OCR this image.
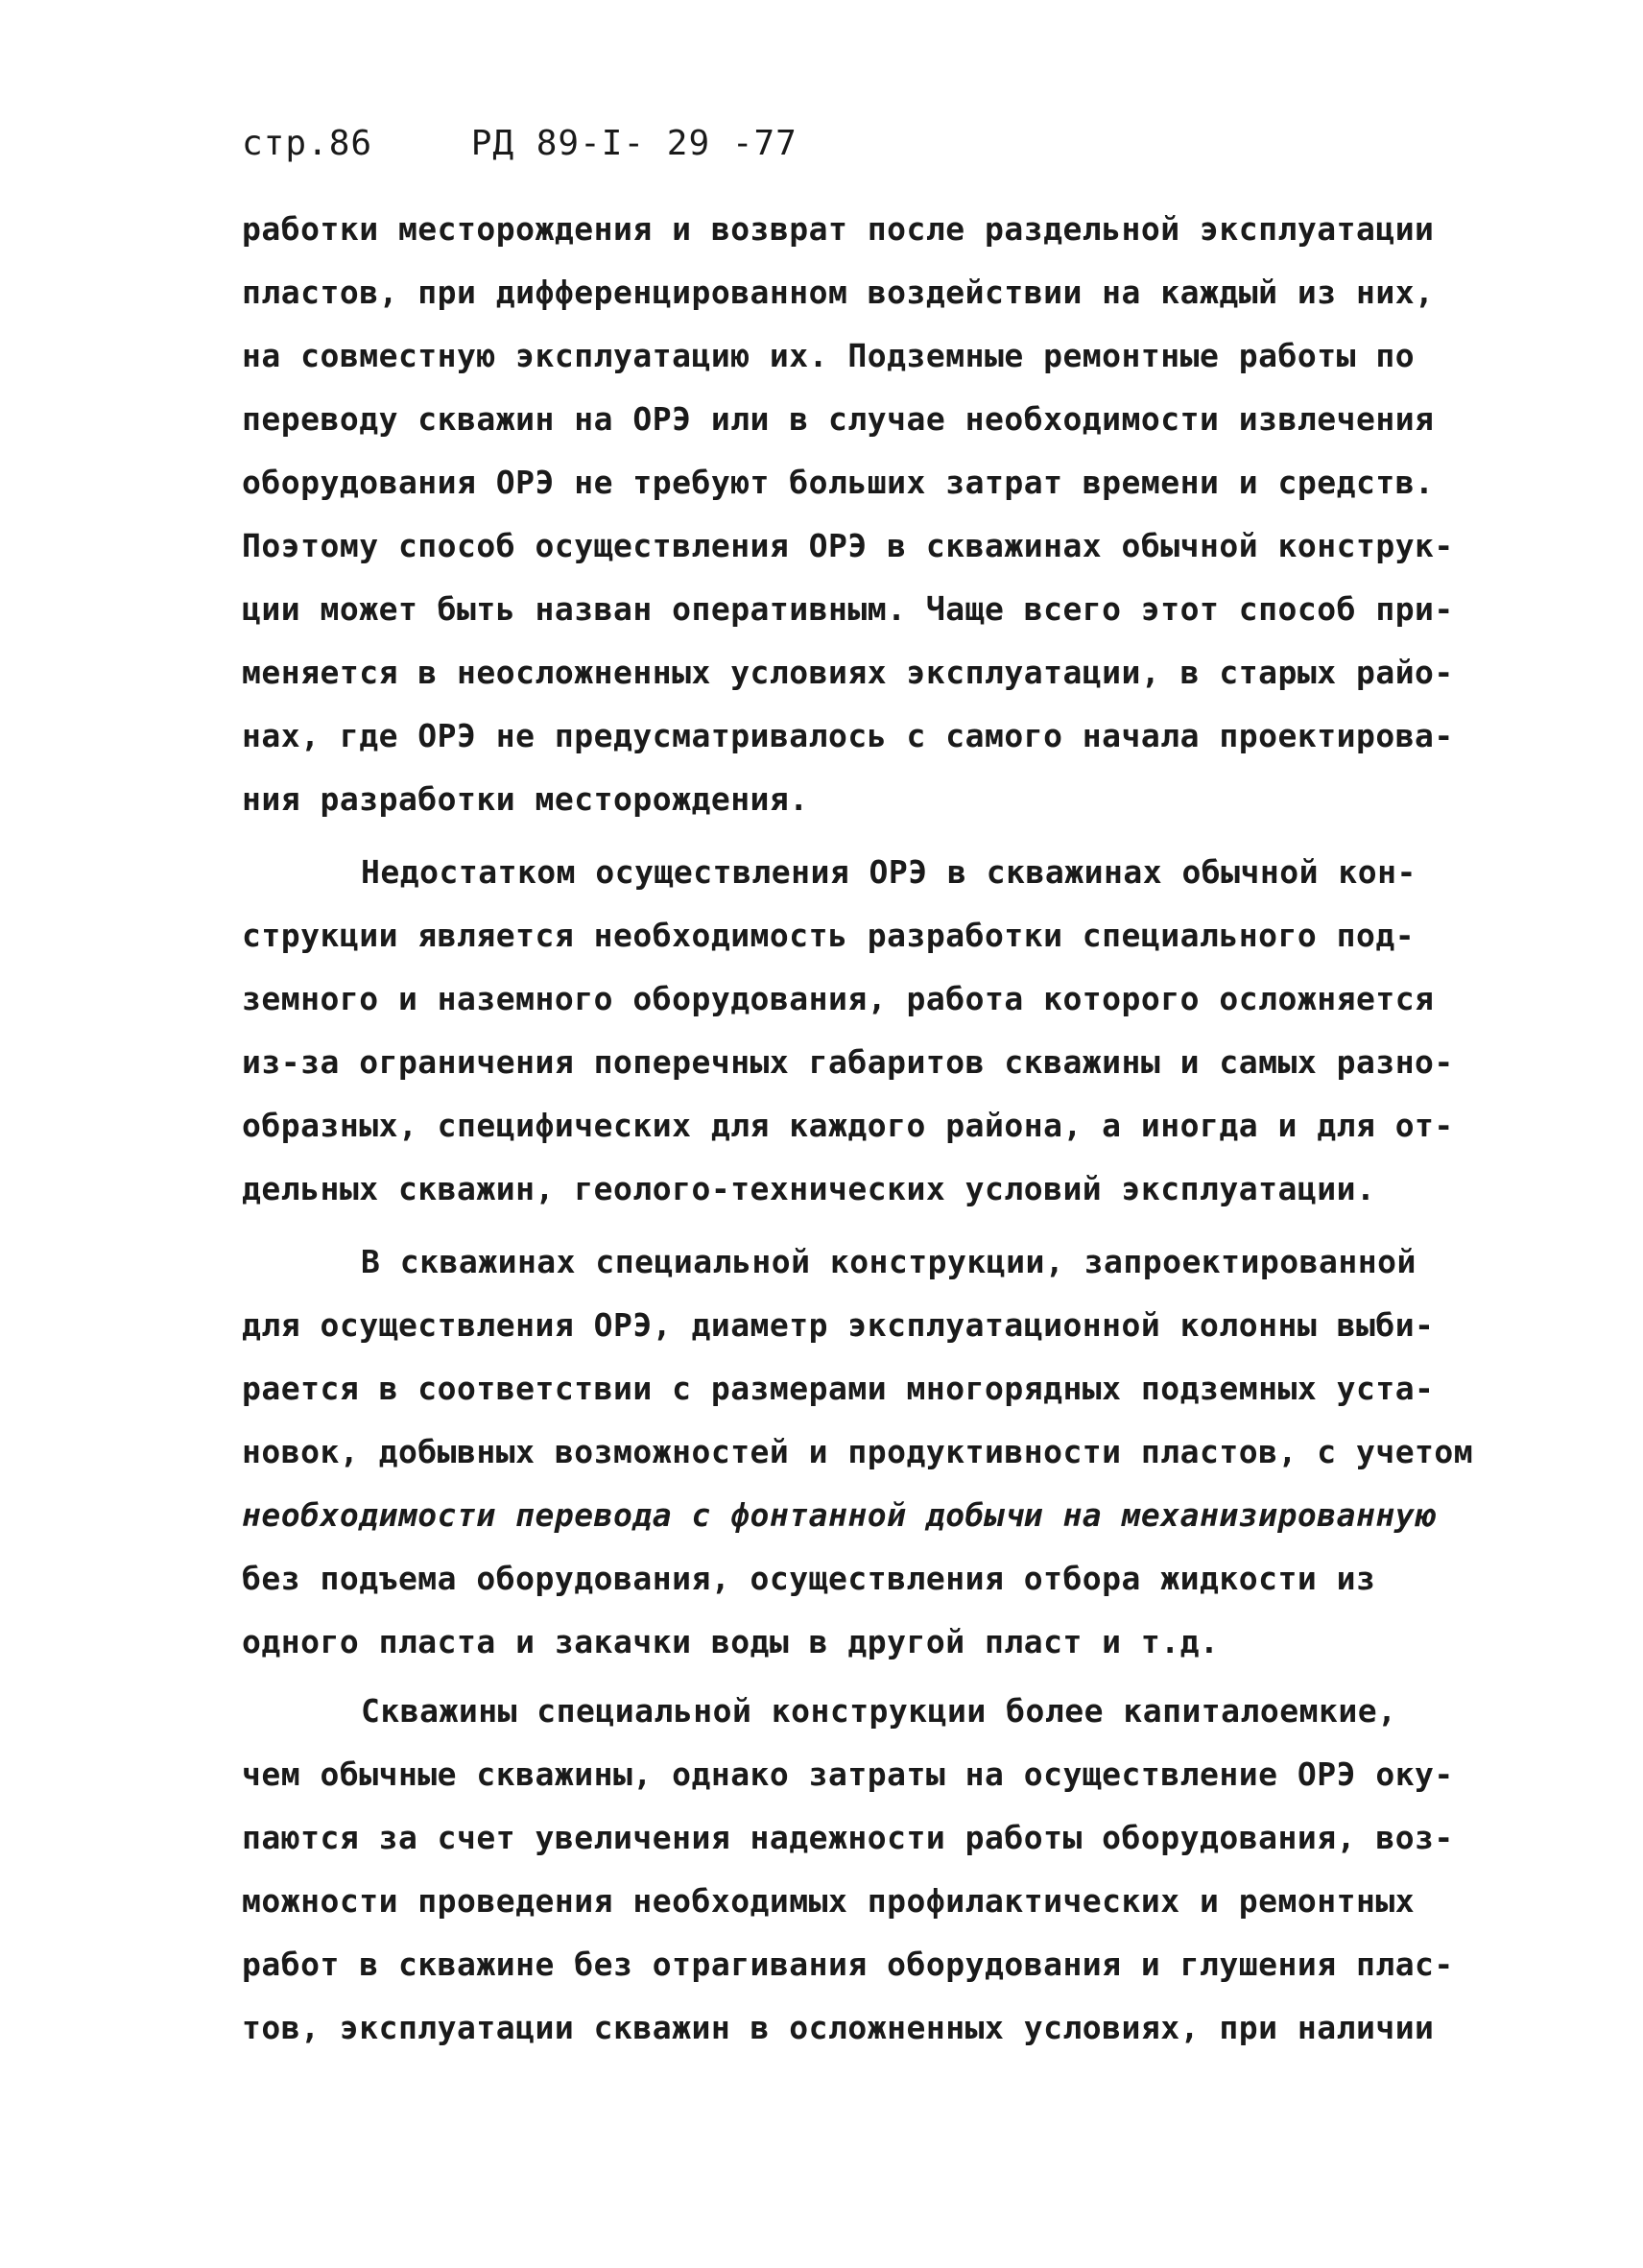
стр.86	РД 89-I- 29 -77
работки месторождения и возврат после раздельной эксплуатации
пластов, при дифференцированном воздействии на каждый из них,
на совместную эксплуатацию их. Подземные ремонтные работы по
переводу скважин на ОРЭ или в случае необходимости извлечения
оборудования ОРЭ не требуют больших затрат времени и средств.
Поэтому способ осуществления ОРЭ в скважинах обычной конструк-
ции может быть назван оперативным. Чаще всего этот способ при-
меняется в неосложненных условиях эксплуатации, в старых райо-
нах, где ОРЭ не предусматривалось с самого начала проектирова-
ния разработки месторождения.
Недостатком осуществления ОРЭ в скважинах обычной кон-
струкции является необходимость разработки специального под-
земного и наземного оборудования, работа которого осложняется
из-за ограничения поперечных габаритов скважины и самых разно-
образных, специфических для каждого района, а иногда и для от-
дельных скважин, геолого-технических условий эксплуатации.
В скважинах специальной конструкции, запроектированной
для осуществления ОРЭ, диаметр эксплуатационной колонны выби-
рается в соответствии с размерами многорядных подземных уста-
новок, добывных возможностей и продуктивности пластов, с учетом
необходимости перевода с фонтанной добычи на механизированную
без подъема оборудования, осуществления отбора жидкости из
одного пласта и закачки воды в другой пласт и т.д.
Скважины специальной конструкции более капиталоемкие,
чем обычные скважины, однако затраты на осуществление ОРЭ оку-
паются за счет увеличения надежности работы оборудования, воз-
можности проведения необходимых профилактических и ремонтных
работ в скважине без отрагивания оборудования и глушения плас-
тов, эксплуатации скважин в осложненных условиях, при наличии
